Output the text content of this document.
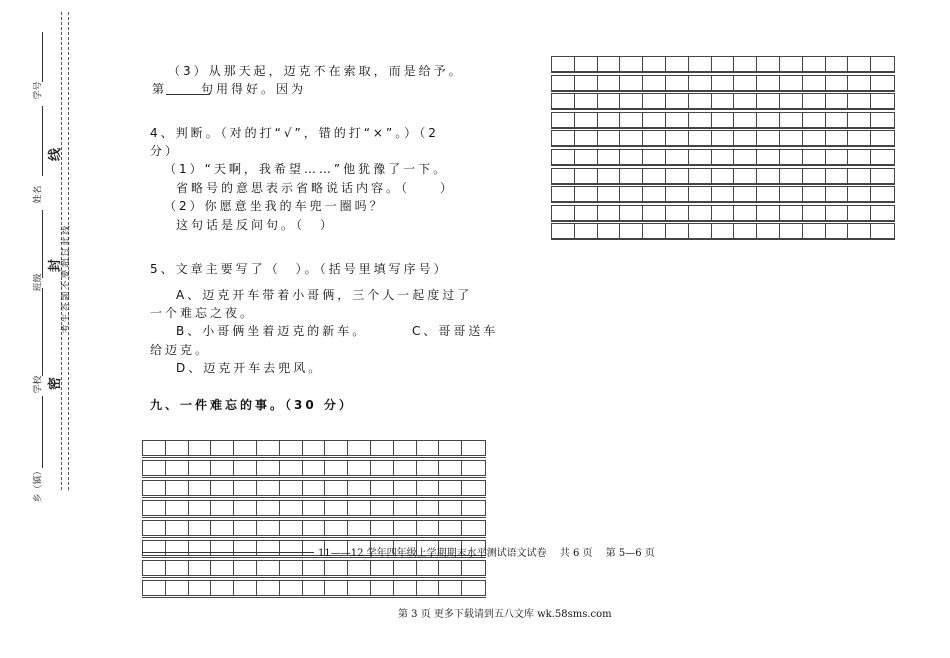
学号
姓名
班级
学校
乡（镇）
线
封
密
考生答题不要超过此线
（3）从那天起，迈克不在索取，而是给予。
第	句用得好。因为
4、判断。（对的打“√”，错的打“×”。）（2
分）
（1）“天啊，我希望……”他犹豫了一下。
省略号的意思表示省略说话内容。（　　）
（2）你愿意坐我的车兜一圈吗？
这句话是反问句。（　）
5、文章主要写了（　）。（括号里填写序号）
A、迈克开车带着小哥俩，三个人一起度过了
一个难忘之夜。
B、小哥俩坐着迈克的新车。	C、哥哥送车
给迈克。
D、迈克开车去兜风。
九、一件难忘的事。（30 分）
11——12 学年四年级上学期期末水平测试语文试卷　 共 6 页　 第 5—6 页
第 3 页 更多下载请到五八文库 wk.58sms.com
